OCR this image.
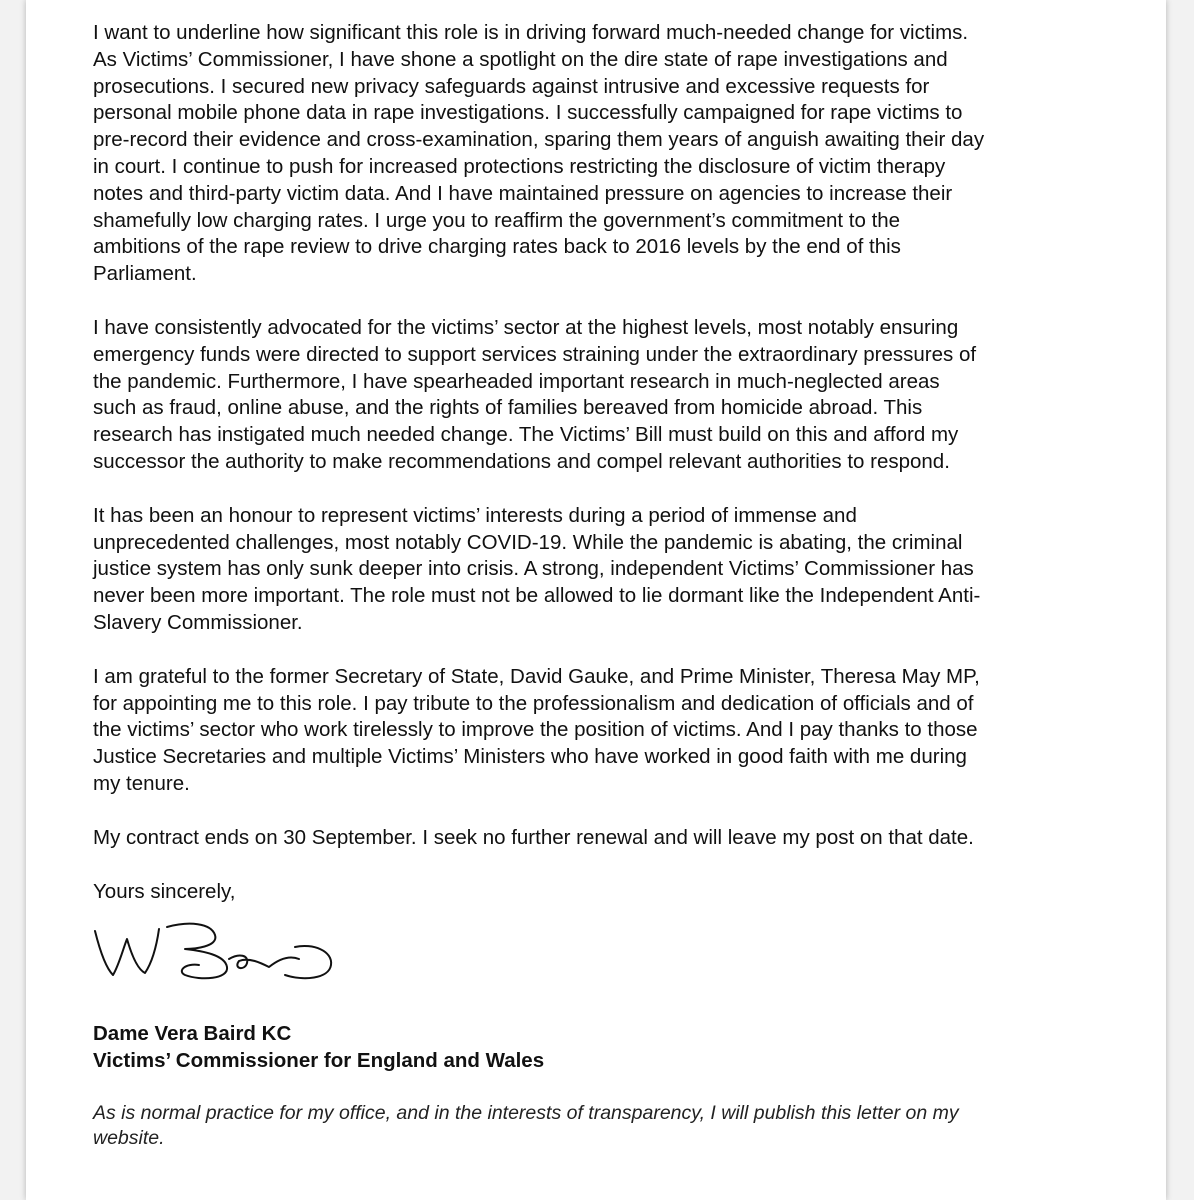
I want to underline how significant this role is in driving forward much-needed change for victims.
As Victims’ Commissioner, I have shone a spotlight on the dire state of rape investigations and
prosecutions. I secured new privacy safeguards against intrusive and excessive requests for
personal mobile phone data in rape investigations. I successfully campaigned for rape victims to
pre-record their evidence and cross-examination, sparing them years of anguish awaiting their day
in court. I continue to push for increased protections restricting the disclosure of victim therapy
notes and third-party victim data. And I have maintained pressure on agencies to increase their
shamefully low charging rates. I urge you to reaffirm the government’s commitment to the
ambitions of the rape review to drive charging rates back to 2016 levels by the end of this
Parliament.

I have consistently advocated for the victims’ sector at the highest levels, most notably ensuring
emergency funds were directed to support services straining under the extraordinary pressures of
the pandemic. Furthermore, I have spearheaded important research in much-neglected areas
such as fraud, online abuse, and the rights of families bereaved from homicide abroad. This
research has instigated much needed change. The Victims’ Bill must build on this and afford my
successor the authority to make recommendations and compel relevant authorities to respond.

It has been an honour to represent victims’ interests during a period of immense and
unprecedented challenges, most notably COVID-19. While the pandemic is abating, the criminal
justice system has only sunk deeper into crisis. A strong, independent Victims’ Commissioner has
never been more important. The role must not be allowed to lie dormant like the Independent Anti-
Slavery Commissioner.

I am grateful to the former Secretary of State, David Gauke, and Prime Minister, Theresa May MP,
for appointing me to this role. I pay tribute to the professionalism and dedication of officials and of
the victims’ sector who work tirelessly to improve the position of victims. And I pay thanks to those
Justice Secretaries and multiple Victims’ Ministers who have worked in good faith with me during
my tenure.

My contract ends on 30 September. I seek no further renewal and will leave my post on that date.

Yours sincerely,

Dame Vera Baird KC
Victims’ Commissioner for England and Wales
As is normal practice for my office, and in the interests of transparency, I will publish this letter on my
website.
